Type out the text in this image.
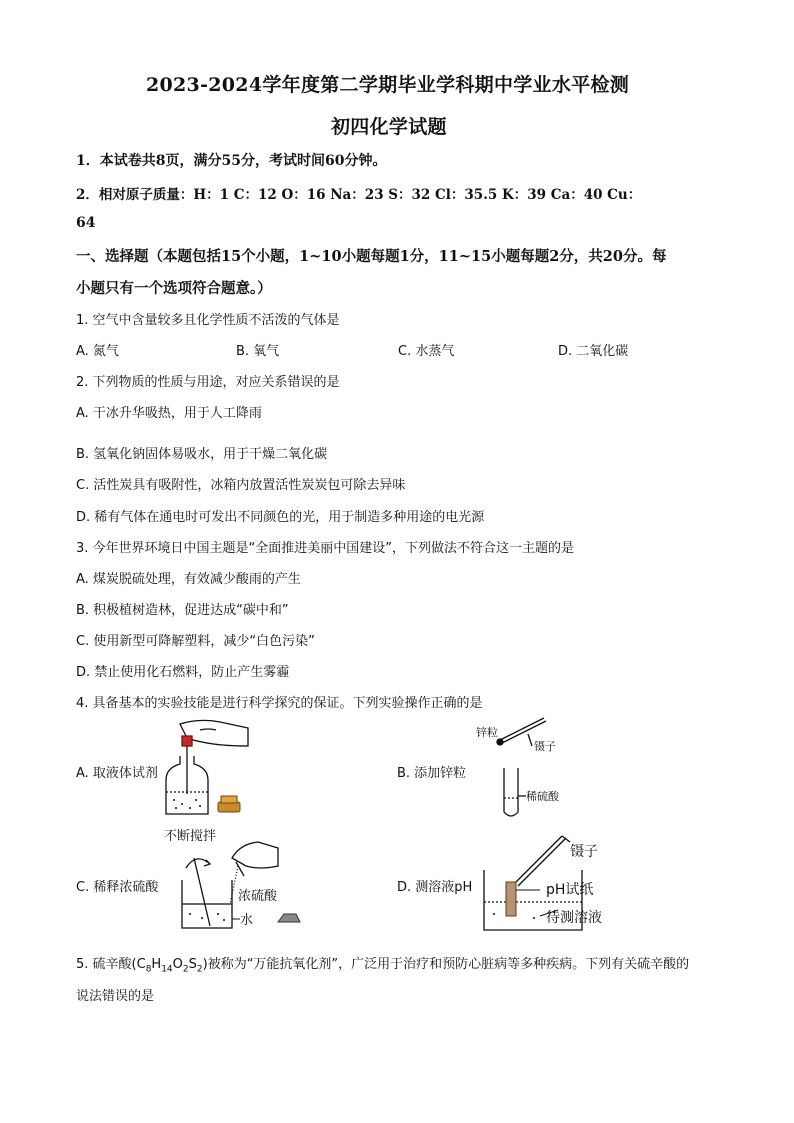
2023-2024学年度第二学期毕业学科期中学业水平检测
初四化学试题
1．本试卷共8页，满分55分，考试时间60分钟。
2．相对原子质量：H：1 C：12 O：16 Na：23 S：32 Cl：35.5 K：39 Ca：40 Cu：
64
一、选择题（本题包括15个小题，1~10小题每题1分，11~15小题每题2分，共20分。每
小题只有一个选项符合题意。）
1. 空气中含量较多且化学性质不活泼的气体是
A. 氮气	B. 氧气	C. 水蒸气	D. 二氧化碳
2. 下列物质的性质与用途，对应关系错误的是
A. 干冰升华吸热，用于人工降雨
B. 氢氧化钠固体易吸水，用于干燥二氧化碳
C. 活性炭具有吸附性，冰箱内放置活性炭炭包可除去异味
D. 稀有气体在通电时可发出不同颜色的光，用于制造多种用途的电光源
3. 今年世界环境日中国主题是“全面推进美丽中国建设”，下列做法不符合这一主题的是
A. 煤炭脱硫处理，有效减少酸雨的产生
B. 积极植树造林，促进达成“碳中和”
C. 使用新型可降解塑料，减少“白色污染”
D. 禁止使用化石燃料，防止产生雾霾
4. 具备基本的实验技能是进行科学探究的保证。下列实验操作正确的是
A. 取液体试剂	B. 添加锌粒
C. 稀释浓硫酸	D. 测溶液pH
锌粒
镊子
稀硫酸
不断搅拌
浓硫酸
水
镊子
pH试纸
待测溶液
5. 硫辛酸$(C_8H_{14}O_2S_2)$被称为“万能抗氧化剂”，广泛用于治疗和预防心脏病等多种疾病。下列有关硫辛酸的
说法错误的是
